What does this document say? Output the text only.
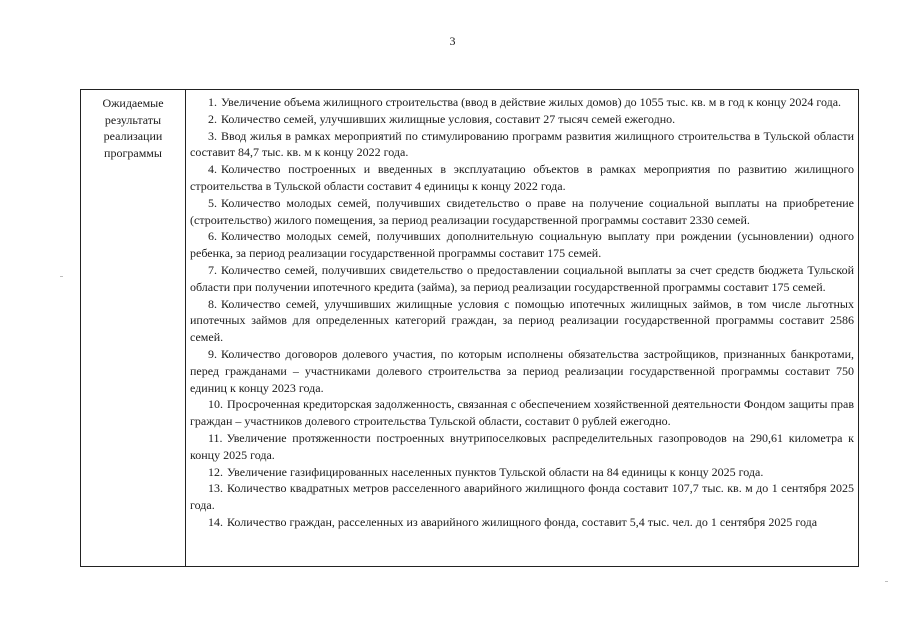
3
Ожидаемые результаты реализации программы

1. Увеличение объема жилищного строительства (ввод в действие жилых домов) до 1055 тыс. кв. м в год к концу 2024 года.

2. Количество семей, улучшивших жилищные условия, составит 27 тысяч семей ежегодно.

3. Ввод жилья в рамках мероприятий по стимулированию программ развития жилищного строительства в Тульской области составит 84,7 тыс. кв. м к концу 2022 года.

4. Количество построенных и введенных в эксплуатацию объектов в рамках мероприятия по развитию жилищного строительства в Тульской области составит 4 единицы к концу 2022 года.

5. Количество молодых семей, получивших свидетельство о праве на получение социальной выплаты на приобретение (строительство) жилого помещения, за период реализации государственной программы составит 2330 семей.

6. Количество молодых семей, получивших дополнительную социальную выплату при рождении (усыновлении) одного ребенка, за период реализации государственной программы составит 175 семей.

7. Количество семей, получивших свидетельство о предоставлении социальной выплаты за счет средств бюджета Тульской области при получении ипотечного кредита (займа), за период реализации государственной программы составит 175 семей.

8. Количество семей, улучшивших жилищные условия с помощью ипотечных жилищных займов, в том числе льготных ипотечных займов для определенных категорий граждан, за период реализации государственной программы составит 2586 семей.

9. Количество договоров долевого участия, по которым исполнены обязательства застройщиков, признанных банкротами, перед гражданами – участниками долевого строительства за период реализации государственной программы составит 750 единиц к концу 2023 года.

10. Просроченная кредиторская задолженность, связанная с обеспечением хозяйственной деятельности Фондом защиты прав граждан – участников долевого строительства Тульской области, составит 0 рублей ежегодно.

11. Увеличение протяженности построенных внутрипоселковых распределительных газопроводов на 290,61 километра к концу 2025 года.

12. Увеличение газифицированных населенных пунктов Тульской области на 84 единицы к концу 2025 года.

13. Количество квадратных метров расселенного аварийного жилищного фонда составит 107,7 тыс. кв. м до 1 сентября 2025 года.

14. Количество граждан, расселенных из аварийного жилищного фонда, составит 5,4 тыс. чел. до 1 сентября 2025 года
